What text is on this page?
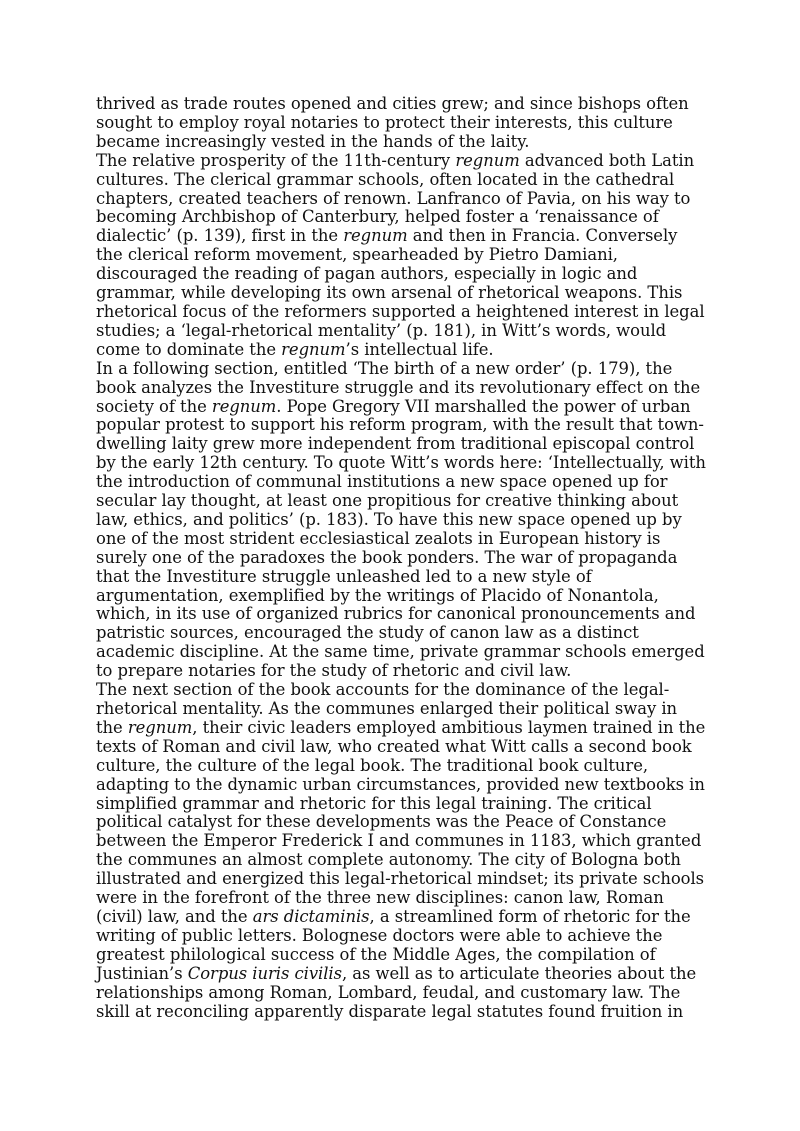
thrived as trade routes opened and cities grew; and since bishops often sought to employ royal notaries to protect their interests, this culture became increasingly vested in the hands of the laity.

The relative prosperity of the 11th-century regnum advanced both Latin cultures. The clerical grammar schools, often located in the cathedral chapters, created teachers of renown. Lanfranco of Pavia, on his way to becoming Archbishop of Canterbury, helped foster a ‘renaissance of dialectic’ (p. 139), first in the regnum and then in Francia. Conversely the clerical reform movement, spearheaded by Pietro Damiani, discouraged the reading of pagan authors, especially in logic and grammar, while developing its own arsenal of rhetorical weapons. This rhetorical focus of the reformers supported a heightened interest in legal studies; a ‘legal-rhetorical mentality’ (p. 181), in Witt’s words, would come to dominate the regnum’s intellectual life.

In a following section, entitled ‘The birth of a new order’ (p. 179), the book analyzes the Investiture struggle and its revolutionary effect on the society of the regnum. Pope Gregory VII marshalled the power of urban popular protest to support his reform program, with the result that town-dwelling laity grew more independent from traditional episcopal control by the early 12th century. To quote Witt’s words here: ‘Intellectually, with the introduction of communal institutions a new space opened up for secular lay thought, at least one propitious for creative thinking about law, ethics, and politics’ (p. 183). To have this new space opened up by one of the most strident ecclesiastical zealots in European history is surely one of the paradoxes the book ponders. The war of propaganda that the Investiture struggle unleashed led to a new style of argumentation, exemplified by the writings of Placido of Nonantola, which, in its use of organized rubrics for canonical pronouncements and patristic sources, encouraged the study of canon law as a distinct academic discipline. At the same time, private grammar schools emerged to prepare notaries for the study of rhetoric and civil law.

The next section of the book accounts for the dominance of the legal-rhetorical mentality. As the communes enlarged their political sway in the regnum, their civic leaders employed ambitious laymen trained in the texts of Roman and civil law, who created what Witt calls a second book culture, the culture of the legal book. The traditional book culture, adapting to the dynamic urban circumstances, provided new textbooks in simplified grammar and rhetoric for this legal training. The critical political catalyst for these developments was the Peace of Constance between the Emperor Frederick I and communes in 1183, which granted the communes an almost complete autonomy. The city of Bologna both illustrated and energized this legal-rhetorical mindset; its private schools were in the forefront of the three new disciplines: canon law, Roman (civil) law, and the ars dictaminis, a streamlined form of rhetoric for the writing of public letters. Bolognese doctors were able to achieve the greatest philological success of the Middle Ages, the compilation of Justinian’s Corpus iuris civilis, as well as to articulate theories about the relationships among Roman, Lombard, feudal, and customary law. The skill at reconciling apparently disparate legal statutes found fruition in
